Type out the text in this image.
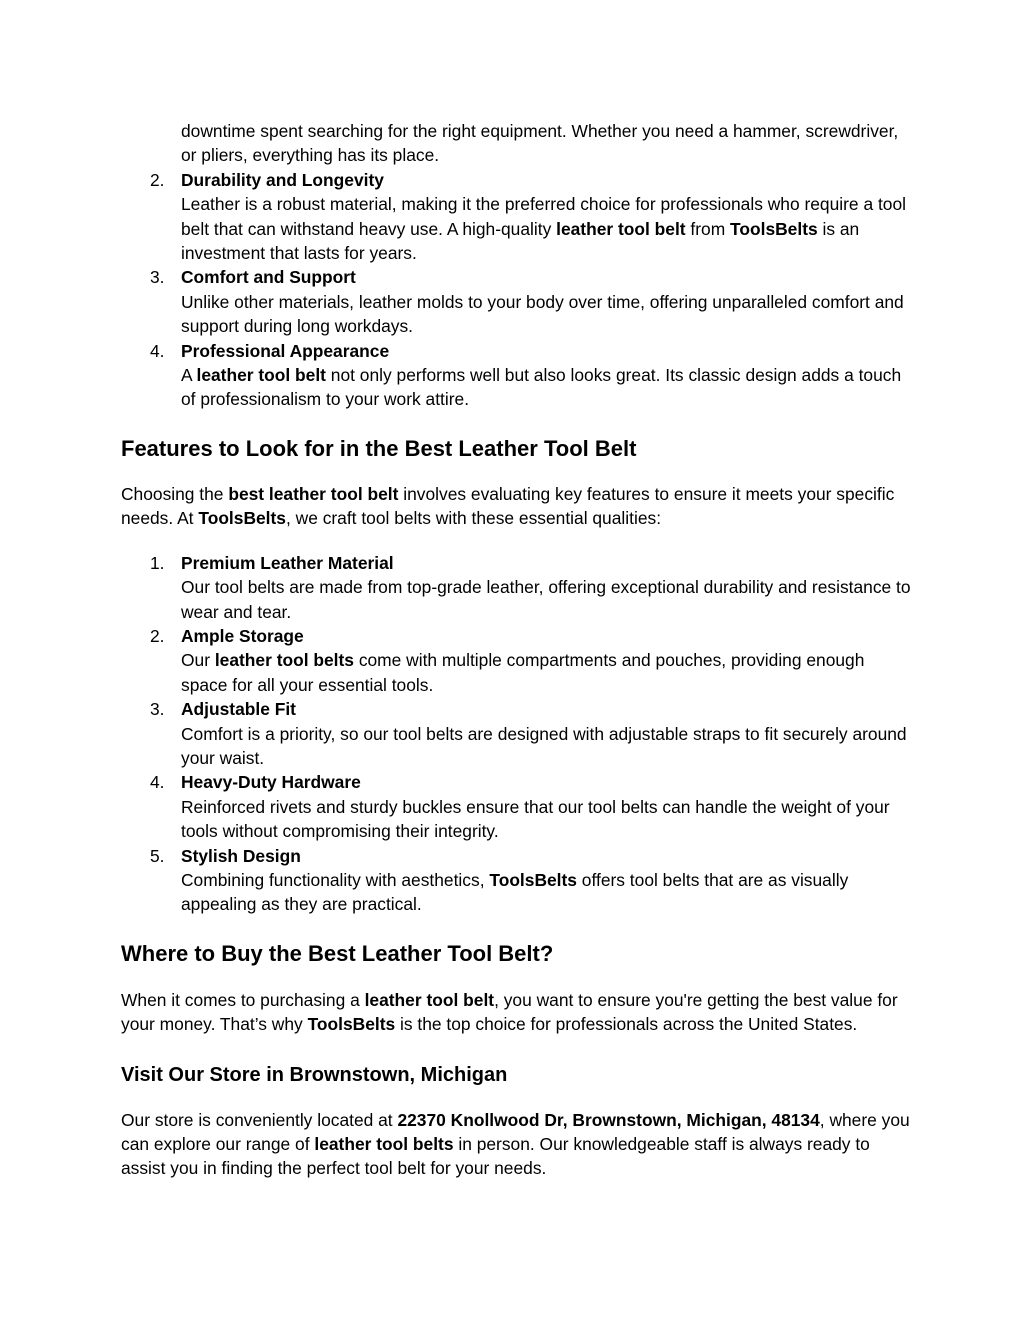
downtime spent searching for the right equipment. Whether you need a hammer, screwdriver, or pliers, everything has its place.
2. Durability and Longevity
Leather is a robust material, making it the preferred choice for professionals who require a tool belt that can withstand heavy use. A high-quality leather tool belt from ToolsBelts is an investment that lasts for years.
3. Comfort and Support
Unlike other materials, leather molds to your body over time, offering unparalleled comfort and support during long workdays.
4. Professional Appearance
A leather tool belt not only performs well but also looks great. Its classic design adds a touch of professionalism to your work attire.
Features to Look for in the Best Leather Tool Belt

Choosing the best leather tool belt involves evaluating key features to ensure it meets your specific needs. At ToolsBelts, we craft tool belts with these essential qualities:

1. Premium Leather Material
Our tool belts are made from top-grade leather, offering exceptional durability and resistance to wear and tear.
2. Ample Storage
Our leather tool belts come with multiple compartments and pouches, providing enough space for all your essential tools.
3. Adjustable Fit
Comfort is a priority, so our tool belts are designed with adjustable straps to fit securely around your waist.
4. Heavy-Duty Hardware
Reinforced rivets and sturdy buckles ensure that our tool belts can handle the weight of your tools without compromising their integrity.
5. Stylish Design
Combining functionality with aesthetics, ToolsBelts offers tool belts that are as visually appealing as they are practical.
Where to Buy the Best Leather Tool Belt?

When it comes to purchasing a leather tool belt, you want to ensure you're getting the best value for your money. That’s why ToolsBelts is the top choice for professionals across the United States.

Visit Our Store in Brownstown, Michigan

Our store is conveniently located at 22370 Knollwood Dr, Brownstown, Michigan, 48134, where you can explore our range of leather tool belts in person. Our knowledgeable staff is always ready to assist you in finding the perfect tool belt for your needs.
